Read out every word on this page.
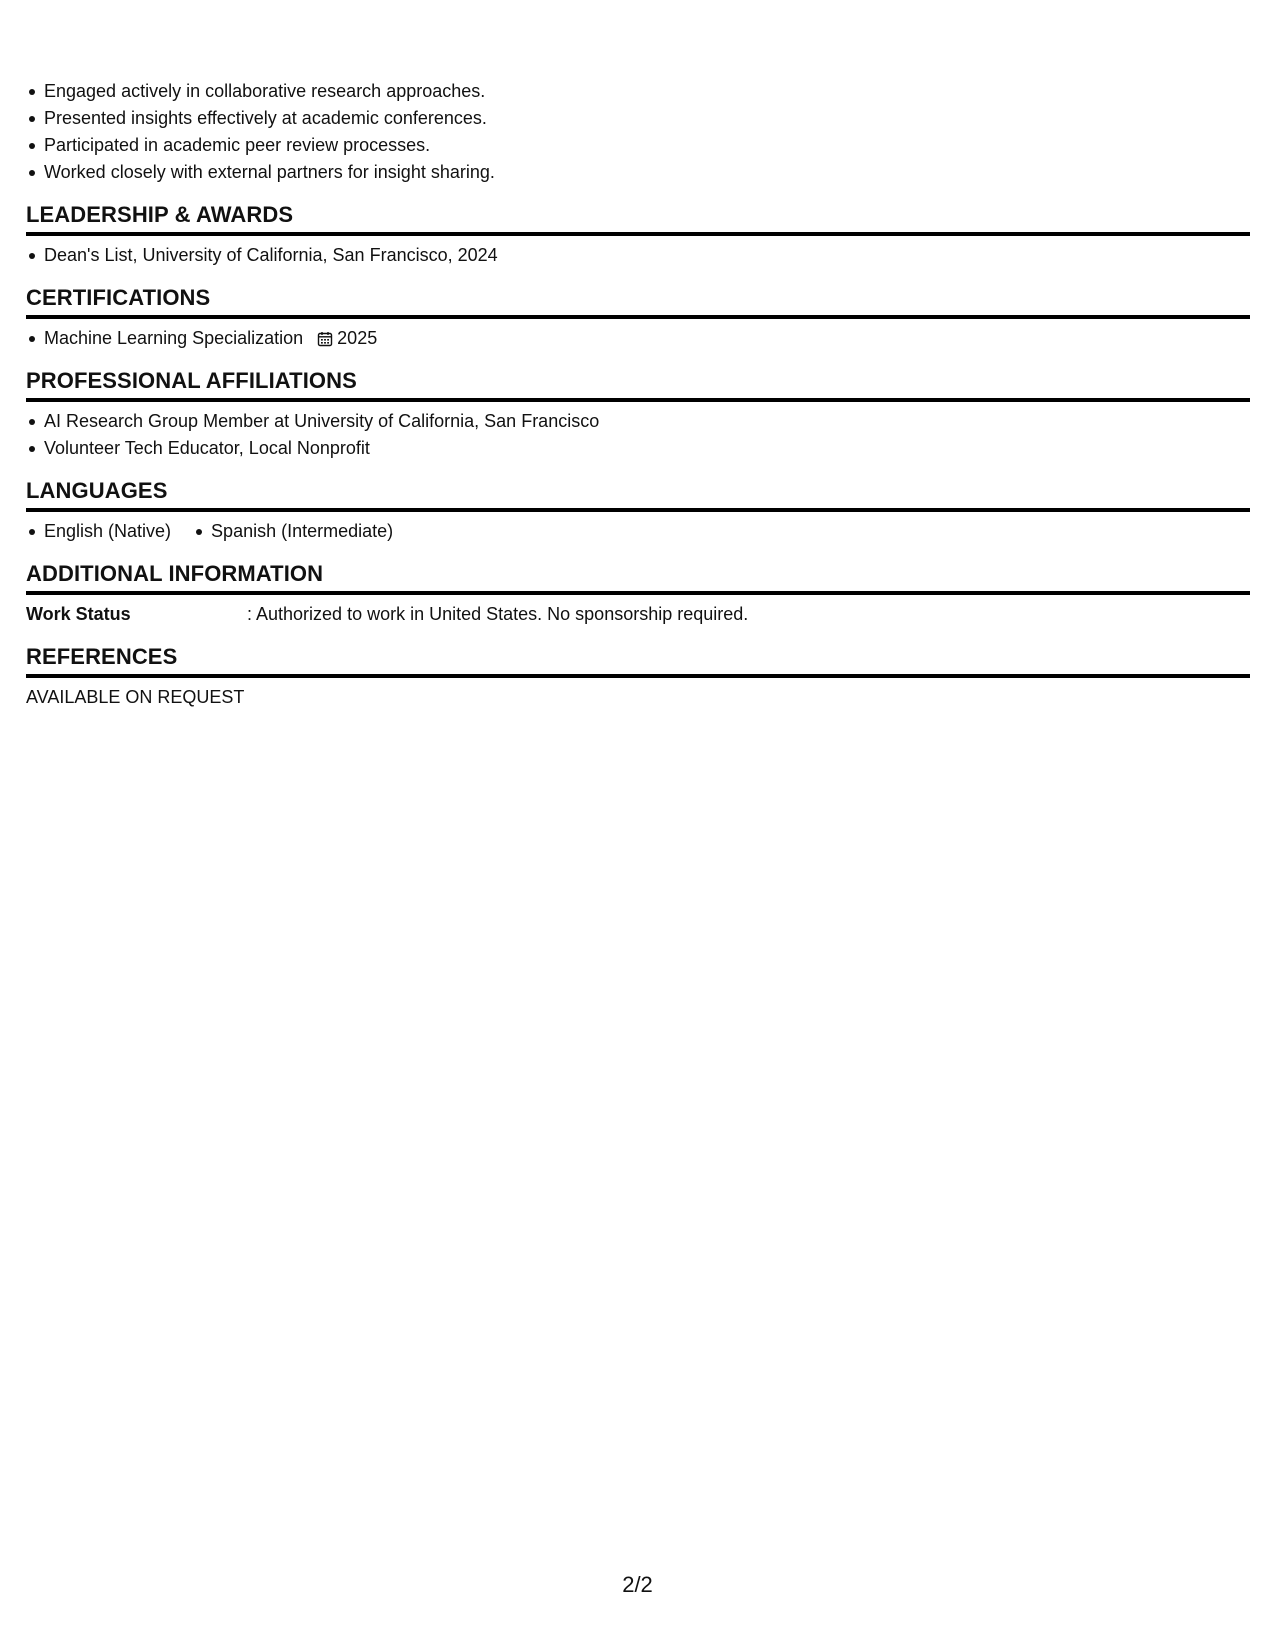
Engaged actively in collaborative research approaches.
Presented insights effectively at academic conferences.
Participated in academic peer review processes.
Worked closely with external partners for insight sharing.
LEADERSHIP & AWARDS
Dean's List, University of California, San Francisco, 2024
CERTIFICATIONS
Machine Learning Specialization 2025
PROFESSIONAL AFFILIATIONS
AI Research Group Member at University of California, San Francisco
Volunteer Tech Educator, Local Nonprofit
LANGUAGES
English (Native)	Spanish (Intermediate)
ADDITIONAL INFORMATION
Work Status	: Authorized to work in United States. No sponsorship required.
REFERENCES
AVAILABLE ON REQUEST
2/2
